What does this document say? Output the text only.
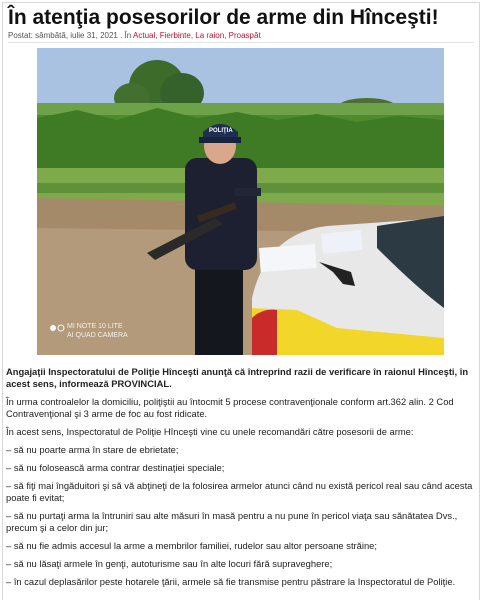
În atenţia posesorilor de arme din Hînceşti!
Postat: sâmbătă, iulie 31, 2021 . În Actual, Fierbinte, La raion, Proaspăt
POLIŢIA
MI NOTE 10 LITE
AI QUAD CAMERA

Angajaţii Inspectoratului de Poliţie Hînceşti anunţă că întreprind razii de verificare în raionul Hînceşti, în acest sens, informează PROVINCIAL.

În urma controalelor la domiciliu, poliţiştii au întocmit 5 procese contravenţionale conform art.362 alin. 2 Cod Contravenţional şi 3 arme de foc au fost ridicate.

În acest sens, Inspectoratul de Poliţie Hînceşti vine cu unele recomandări către posesorii de arme:

– să nu poarte arma în stare de ebrietate;

– să nu folosească arma contrar destinaţiei speciale;

– să fiţi mai îngăduitori şi să vă abţineţi de la folosirea armelor atunci când nu există pericol real sau când acesta poate fi evitat;

– să nu purtaţi arma la întruniri sau alte măsuri în masă pentru a nu pune în pericol viaţa sau sănătatea Dvs., precum şi a celor din jur;

– să nu fie admis accesul la arme a membrilor familiei, rudelor sau altor persoane străine;

– să nu lăsaţi armele în genţi, autoturisme sau în alte locuri fără supraveghere;

– în cazul deplasărilor peste hotarele ţării, armele să fie transmise pentru păstrare la Inspectoratul de Poliţie.
